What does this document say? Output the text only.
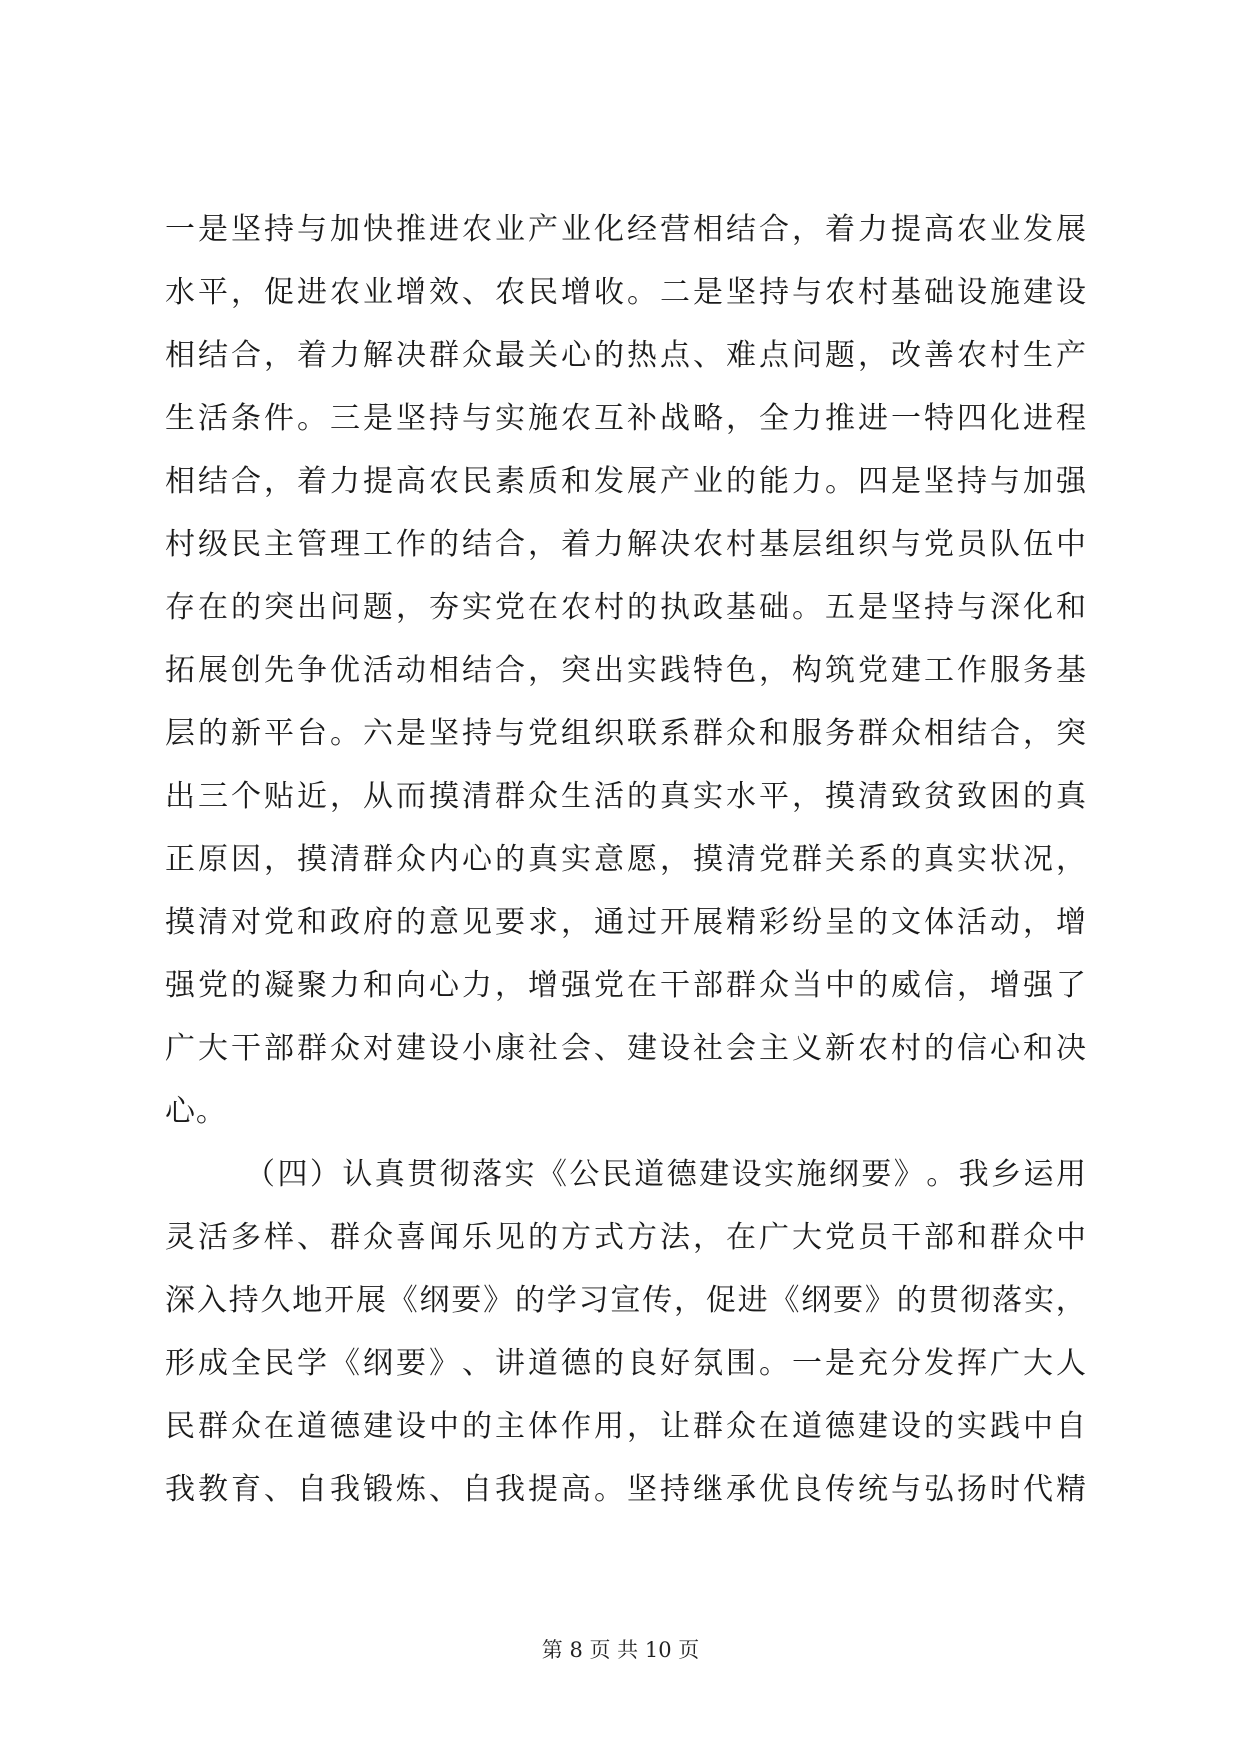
一 是 坚 持 与 加 快 推 进 农 业 产 业 化 经 营 相 结 合 ， 着 力 提 高 农 业 发 展
水 平 ， 促 进 农 业 增 效 、 农 民 增 收 。 二 是 坚 持 与 农 村 基 础 设 施 建 设
相 结 合 ， 着 力 解 决 群 众 最 关 心 的 热 点 、 难 点 问 题 ， 改 善 农 村 生 产
生 活 条 件 。 三 是 坚 持 与 实 施 农 互 补 战 略 ， 全 力 推 进 一 特 四 化 进 程
相 结 合 ， 着 力 提 高 农 民 素 质 和 发 展 产 业 的 能 力 。 四 是 坚 持 与 加 强
村 级 民 主 管 理 工 作 的 结 合 ， 着 力 解 决 农 村 基 层 组 织 与 党 员 队 伍 中
存 在 的 突 出 问 题 ， 夯 实 党 在 农 村 的 执 政 基 础 。 五 是 坚 持 与 深 化 和
拓 展 创 先 争 优 活 动 相 结 合 ， 突 出 实 践 特 色 ， 构 筑 党 建 工 作 服 务 基
层 的 新 平 台 。 六 是 坚 持 与 党 组 织 联 系 群 众 和 服 务 群 众 相 结 合 ， 突
出 三 个 贴 近 ， 从 而 摸 清 群 众 生 活 的 真 实 水 平 ， 摸 清 致 贫 致 困 的 真
正 原 因 ， 摸 清 群 众 内 心 的 真 实 意 愿 ， 摸 清 党 群 关 系 的 真 实 状 况 ，
摸 清 对 党 和 政 府 的 意 见 要 求 ， 通 过 开 展 精 彩 纷 呈 的 文 体 活 动 ， 增
强 党 的 凝 聚 力 和 向 心 力 ， 增 强 党 在 干 部 群 众 当 中 的 威 信 ， 增 强 了
广 大 干 部 群 众 对 建 设 小 康 社 会 、 建 设 社 会 主 义 新 农 村 的 信 心 和 决
心 。
（ 四 ） 认 真 贯 彻 落 实 《 公 民 道 德 建 设 实 施 纲 要 》 。 我 乡 运 用
灵 活 多 样 、 群 众 喜 闻 乐 见 的 方 式 方 法 ， 在 广 大 党 员 干 部 和 群 众 中
深 入 持 久 地 开 展 《 纲 要 》 的 学 习 宣 传 ， 促 进 《 纲 要 》 的 贯 彻 落 实 ，
形 成 全 民 学 《 纲 要 》 、 讲 道 德 的 良 好 氛 围 。 一 是 充 分 发 挥 广 大 人
民 群 众 在 道 德 建 设 中 的 主 体 作 用 ， 让 群 众 在 道 德 建 设 的 实 践 中 自
我 教 育 、 自 我 锻 炼 、 自 我 提 高 。 坚 持 继 承 优 良 传 统 与 弘 扬 时 代 精
第 8 页 共 10 页
